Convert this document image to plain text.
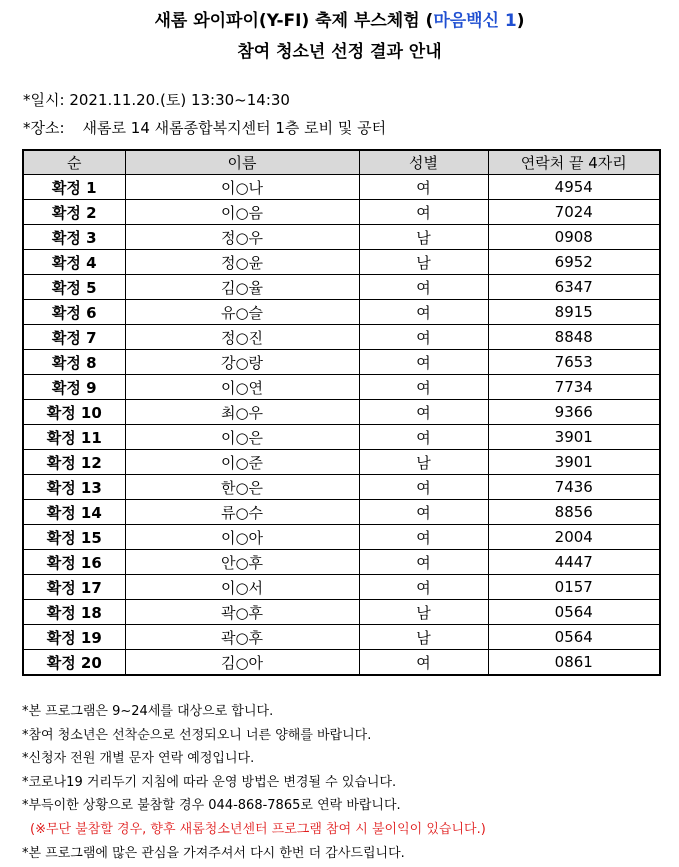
새롬 와이파이(Y-FI) 축제 부스체험 (마음백신 1)
참여 청소년 선정 결과 안내
*일시: 2021.11.20.(토) 13:30~14:30
*장소: 새롬로 14 새롬종합복지센터 1층 로비 및 공터
순	이름	성별	연락처 끝 4자리
확정 1	이○나	여	4954
확정 2	이○음	여	7024
확정 3	정○우	남	0908
확정 4	정○윤	남	6952
확정 5	김○율	여	6347
확정 6	유○슬	여	8915
확정 7	정○진	여	8848
확정 8	강○랑	여	7653
확정 9	이○연	여	7734
확정 10	최○우	여	9366
확정 11	이○은	여	3901
확정 12	이○준	남	3901
확정 13	한○은	여	7436
확정 14	류○수	여	8856
확정 15	이○아	여	2004
확정 16	안○후	여	4447
확정 17	이○서	여	0157
확정 18	곽○후	남	0564
확정 19	곽○후	남	0564
확정 20	김○아	여	0861
*본 프로그램은 9~24세를 대상으로 합니다.
*참여 청소년은 선착순으로 선정되오니 너른 양해를 바랍니다.
*신청자 전원 개별 문자 연락 예정입니다.
*코로나19 거리두기 지침에 따라 운영 방법은 변경될 수 있습니다.
*부득이한 상황으로 불참할 경우 044-868-7865로 연락 바랍니다.
(※무단 불참할 경우, 향후 새롬청소년센터 프로그램 참여 시 불이익이 있습니다.)
*본 프로그램에 많은 관심을 가져주셔서 다시 한번 더 감사드립니다.
